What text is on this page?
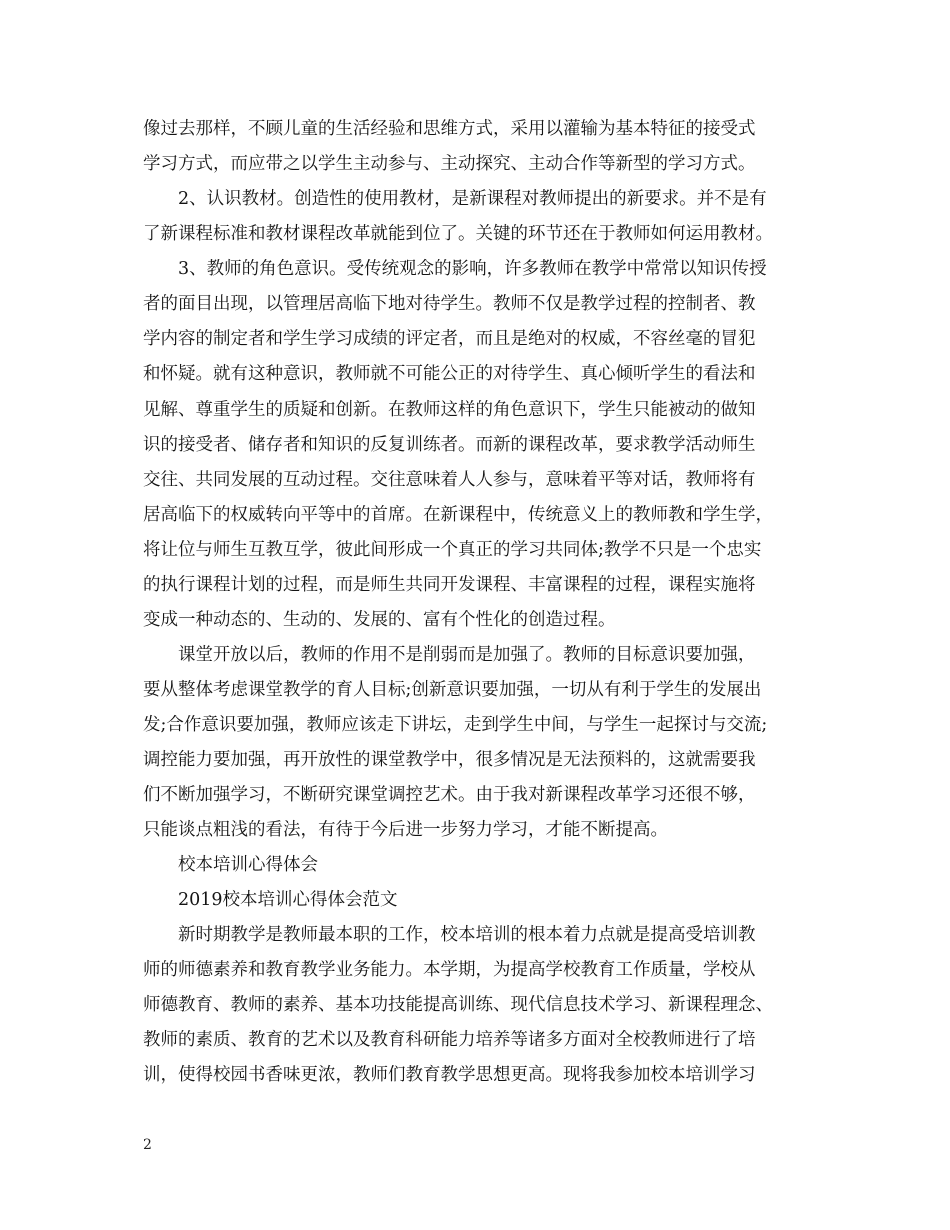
像过去那样，不顾儿童的生活经验和思维方式，采用以灌输为基本特征的接受式
学习方式，而应带之以学生主动参与、主动探究、主动合作等新型的学习方式。
2、认识教材。创造性的使用教材，是新课程对教师提出的新要求。并不是有
了新课程标准和教材课程改革就能到位了。关键的环节还在于教师如何运用教材。
3、教师的角色意识。受传统观念的影响，许多教师在教学中常常以知识传授
者的面目出现，以管理居高临下地对待学生。教师不仅是教学过程的控制者、教
学内容的制定者和学生学习成绩的评定者，而且是绝对的权威，不容丝毫的冒犯
和怀疑。就有这种意识，教师就不可能公正的对待学生、真心倾听学生的看法和
见解、尊重学生的质疑和创新。在教师这样的角色意识下，学生只能被动的做知
识的接受者、储存者和知识的反复训练者。而新的课程改革，要求教学活动师生
交往、共同发展的互动过程。交往意味着人人参与，意味着平等对话，教师将有
居高临下的权威转向平等中的首席。在新课程中，传统意义上的教师教和学生学，
将让位与师生互教互学，彼此间形成一个真正的学习共同体;教学不只是一个忠实
的执行课程计划的过程，而是师生共同开发课程、丰富课程的过程，课程实施将
变成一种动态的、生动的、发展的、富有个性化的创造过程。
课堂开放以后，教师的作用不是削弱而是加强了。教师的目标意识要加强，
要从整体考虑课堂教学的育人目标;创新意识要加强，一切从有利于学生的发展出
发;合作意识要加强，教师应该走下讲坛，走到学生中间，与学生一起探讨与交流;
调控能力要加强，再开放性的课堂教学中，很多情况是无法预料的，这就需要我
们不断加强学习，不断研究课堂调控艺术。由于我对新课程改革学习还很不够，
只能谈点粗浅的看法，有待于今后进一步努力学习，才能不断提高。
校本培训心得体会
2019校本培训心得体会范文
新时期教学是教师最本职的工作，校本培训的根本着力点就是提高受培训教
师的师德素养和教育教学业务能力。本学期，为提高学校教育工作质量，学校从
师德教育、教师的素养、基本功技能提高训练、现代信息技术学习、新课程理念、
教师的素质、教育的艺术以及教育科研能力培养等诸多方面对全校教师进行了培
训，使得校园书香味更浓，教师们教育教学思想更高。现将我参加校本培训学习
2
